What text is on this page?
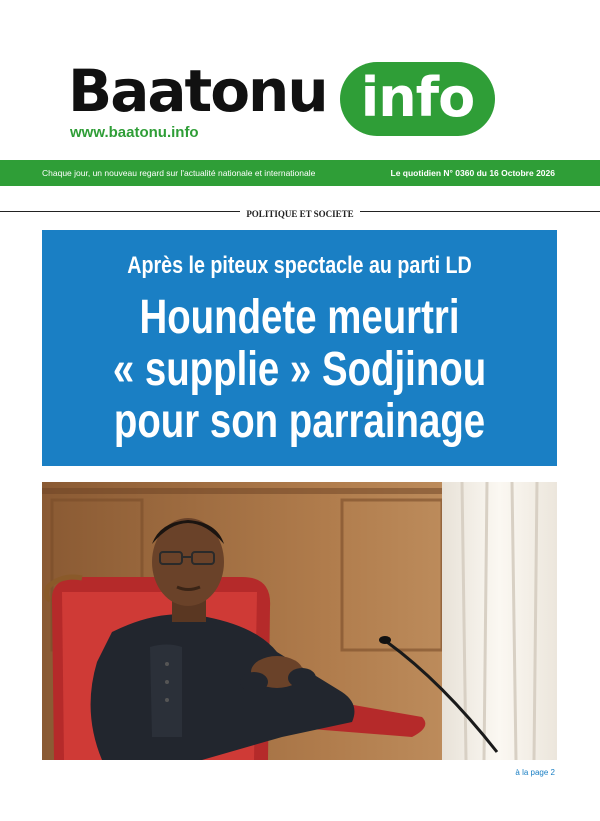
Baatonu info
www.baatonu.info
Chaque jour, un nouveau regard sur l'actualité nationale et internationale	Le quotidien N° 0360 du 16 Octobre 2026
POLITIQUE ET SOCIETE
Après le piteux spectacle au parti LD
Houndete meurtri
« supplie » Sodjinou
pour son parrainage
à la page 2
